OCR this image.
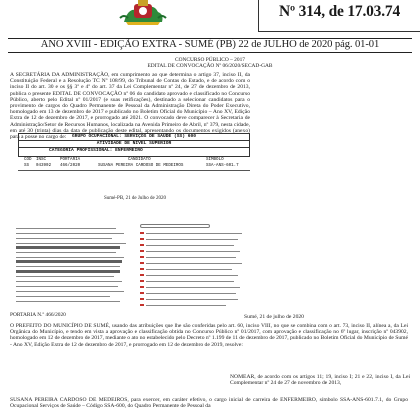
Nº 314, de 17.03.74
ANO XVIII - EDIÇÃO EXTRA - SUMÉ (PB) 22 de JULHO de 2020 pág. 01-01
CONCURSO PÚBLICO – 2017
EDITAL DE CONVOCAÇÃO Nº 06/2020/SECAD-GAB
A SECRETÁRIA DA ADMINISTRAÇÃO, em cumprimento ao que determina o artigo 37, inciso II, da Constituição Federal e a Resolução TC Nº 108/99, do Tribunal de Contas do Estado, e de acordo com o inciso II do art. 30 e os §§ 3º e 4º do art. 37 da Lei Complementar nº 24, de 27 de dezembro de 2013, publica o presente EDITAL DE CONVOCAÇÃO nº 06 do candidato aprovado e classificado no Concurso Público, aberto pelo Edital nº 01/2017 (e suas retificações), destinado a selecionar candidatos para o provimento de cargos do Quadro Permanente de Pessoal da Administração Direta do Poder Executivo, homologado em 13 de dezembro de 2017 e publicado no Boletim Oficial do Município – Ano XV, Edição Extra de 12 de dezembro de 2017, e prorrogado até 2021. O convocado deve comparecer à Secretaria de Administração/Setor de Recursos Humanos, localizada na Avenida Primeiro de Abril, nº 379, nesta cidade, em até 30 (trinta) dias da data de publicação deste edital, apresentando os documentos exigidos (anexo) para a posse no cargo de:	GRUPO OCUPACIONAL: SERVIÇOS DE SAÚDE (SS) 600
ATIVIDADE DE NÍVEL SUPERIOR
CATEGORIA PROFISSIONAL: ENFERMEIRO
COD INSC	PORTARIA	CANDIDATO	SÍMBOLO
SS 043902 466/2020	SUSANA PEREIRA CARDOSO DE MEDEIROS	SSA-ANS-601.7
Sumé-PB, 21 de Julho de 2020
PORTARIA N.º 466/2020	Sumé, 21 de julho de 2020
O PREFEITO DO MUNICÍPIO DE SUMÉ, usando das atribuições que lhe são conferidas pelo art. 60, inciso VIII, no que se combina com o art. 73, inciso II, alínea a, da Lei Orgânica do Município, e tendo em vista a aprovação e classificação obtida no Concurso Público nº 01/2017, com aprovação e classificação no 6º lugar, inscrição nº 043902, homologado em 12 de dezembro de 2017, mediante o ato no estabelecido pelo Decreto nº 1.199 de 11 de dezembro de 2017, publicado no Boletim Oficial do Município de Sumé - Ano XV, Edição Extra de 12 de dezembro de 2017, e prorrogado em 12 de dezembro de 2019, resolve:
NOMEAR, de acordo com os artigos 11; 19, inciso I; 21 e 22, inciso I, da Lei Complementar nº 24 de 27 de novembro de 2013,
SUSANA PEREIRA CARDOSO DE MEDEIROS, para exercer, em caráter efetivo, o cargo inicial de carreira de ENFERMEIRO, símbolo SSA-ANS-601.7.1, do Grupo Ocupacional Serviços de Saúde – Código SSA-600, do Quadro Permanente de Pessoal da
